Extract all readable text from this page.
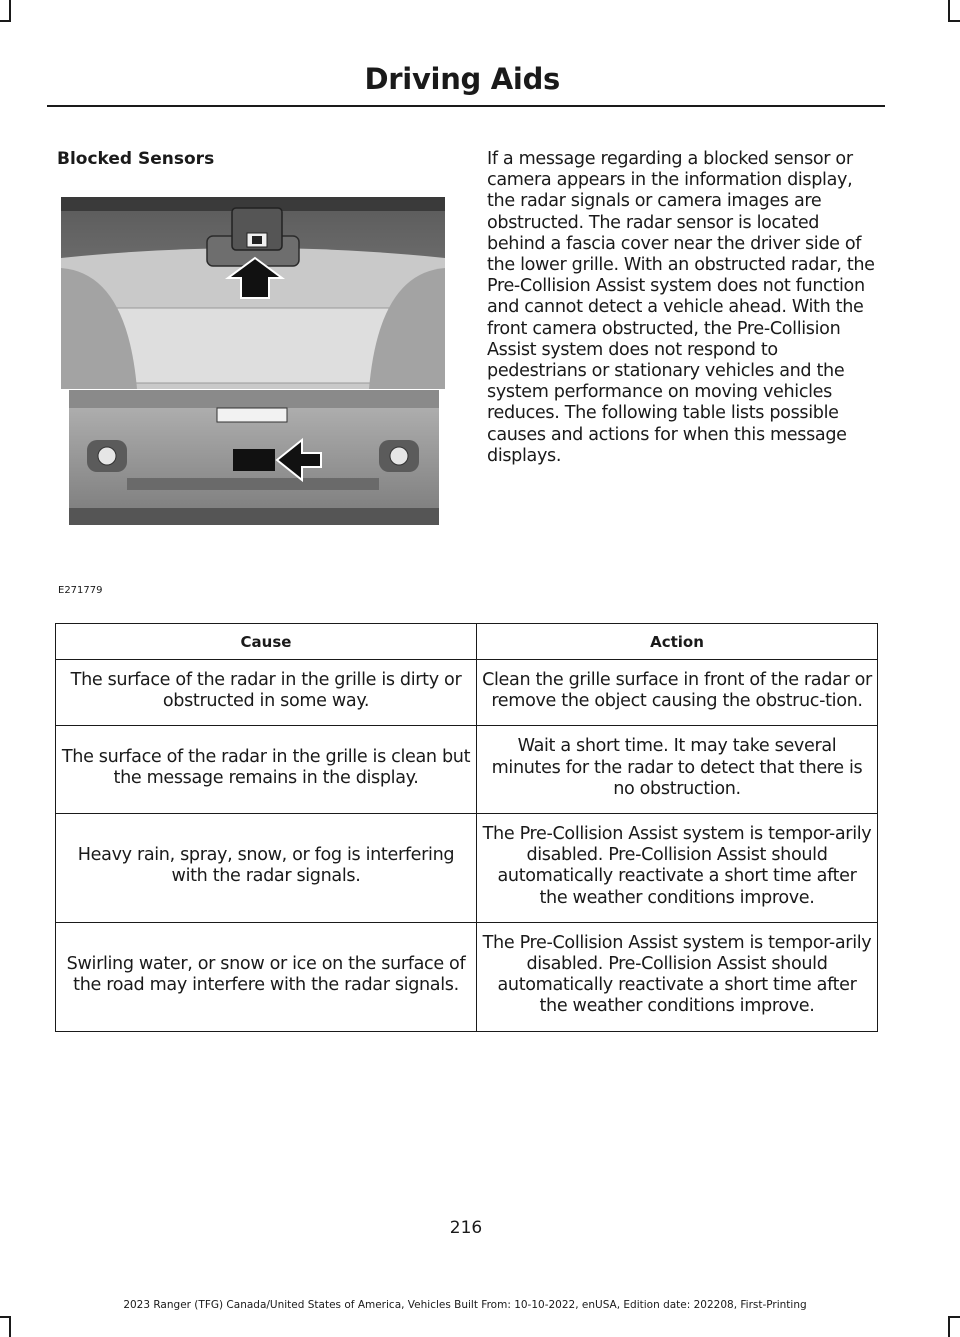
Driving Aids
Blocked Sensors	If a message regarding a blocked sensor or camera appears in the information display, the radar signals or camera images are obstructed. The radar sensor is located behind a fascia cover near the driver side of the lower grille. With an obstructed radar, the Pre-Collision Assist system does not function and cannot detect a vehicle ahead. With the front camera obstructed, the Pre-Collision Assist system does not respond to pedestrians or stationary vehicles and the system performance on moving vehicles reduces. The following table lists possible causes and actions for when this message displays.
E271779
Cause	Action
The surface of the radar in the grille is dirty or obstructed in some way.	Clean the grille surface in front of the radar or remove the object causing the obstruc-tion.
The surface of the radar in the grille is clean but the message remains in the display.	Wait a short time. It may take several minutes for the radar to detect that there is no obstruction.
Heavy rain, spray, snow, or fog is interfering with the radar signals.	The Pre-Collision Assist system is tempor-arily disabled. Pre-Collision Assist should automatically reactivate a short time after the weather conditions improve.
Swirling water, or snow or ice on the surface of the road may interfere with the radar signals.	The Pre-Collision Assist system is tempor-arily disabled. Pre-Collision Assist should automatically reactivate a short time after the weather conditions improve.
216
2023 Ranger (TFG) Canada/United States of America, Vehicles Built From: 10-10-2022, enUSA, Edition date: 202208, First-Printing
